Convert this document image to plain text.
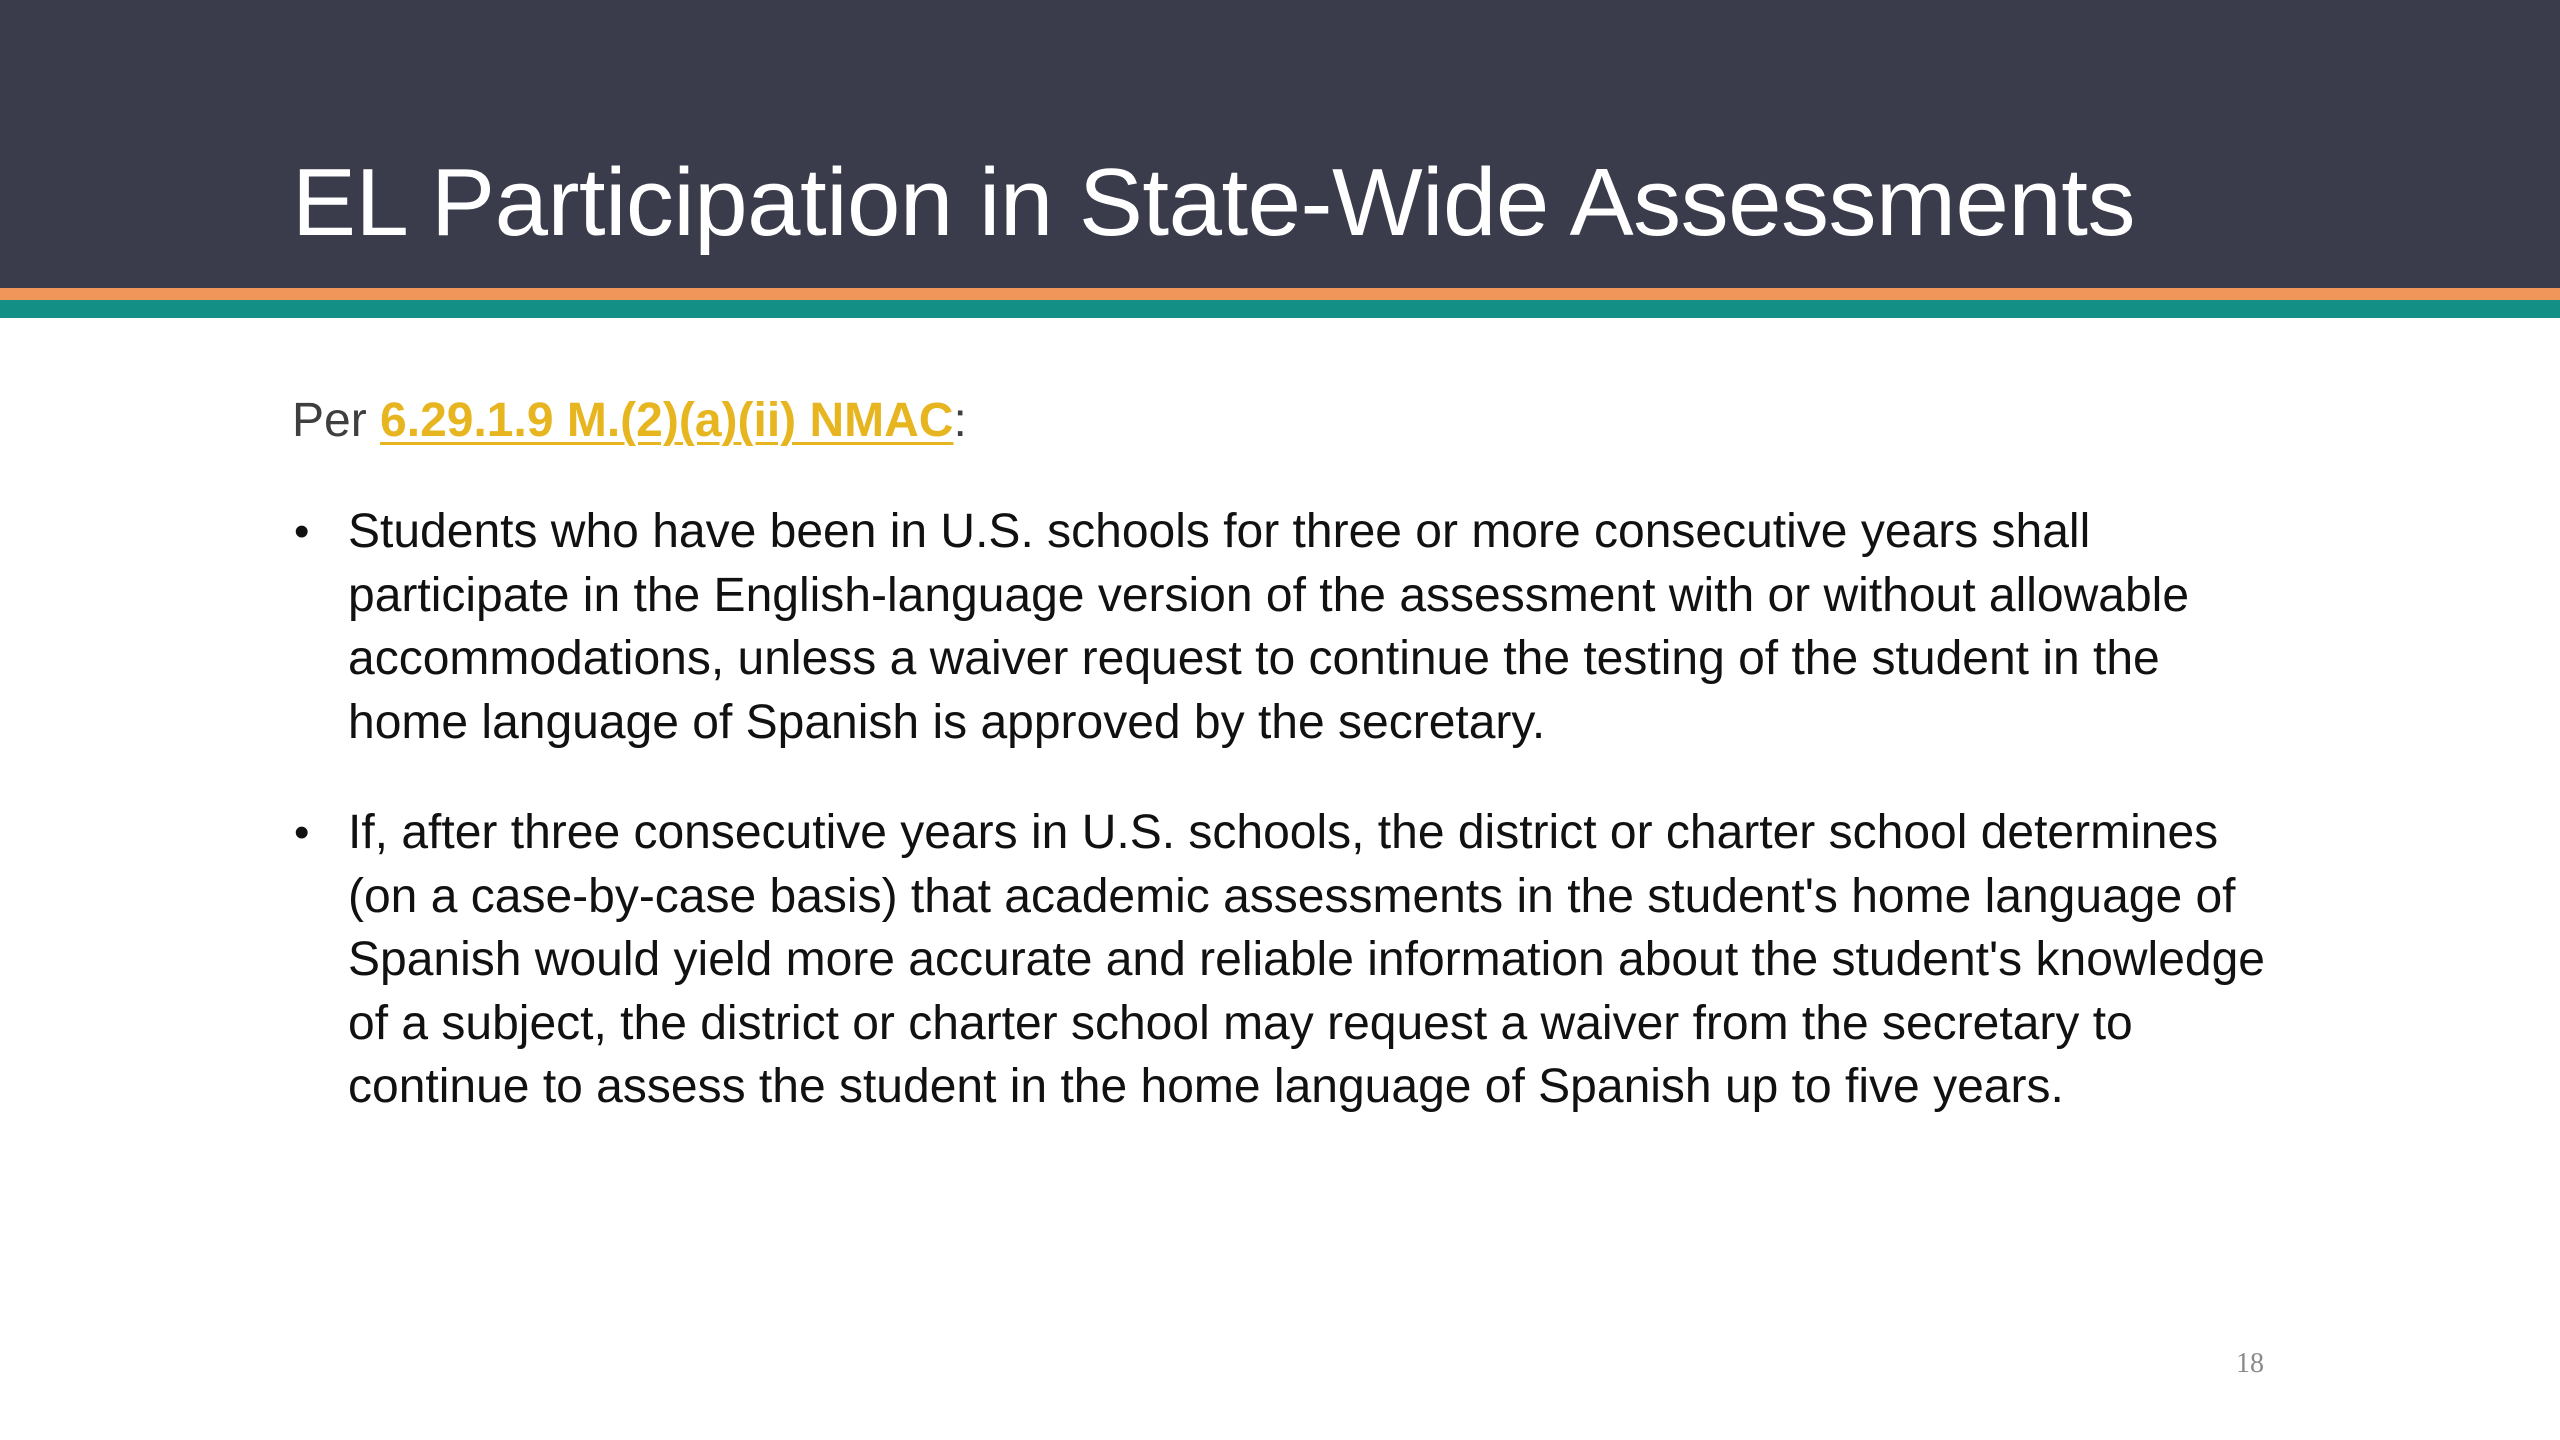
EL Participation in State-Wide Assessments
Per 6.29.1.9 M.(2)(a)(ii) NMAC:
• Students who have been in U.S. schools for three or more consecutive years shall participate in the English-language version of the assessment with or without allowable accommodations, unless a waiver request to continue the testing of the student in the home language of Spanish is approved by the secretary.
• If, after three consecutive years in U.S. schools, the district or charter school determines (on a case-by-case basis) that academic assessments in the student's home language of Spanish would yield more accurate and reliable information about the student's knowledge of a subject, the district or charter school may request a waiver from the secretary to continue to assess the student in the home language of Spanish up to five years.
18
